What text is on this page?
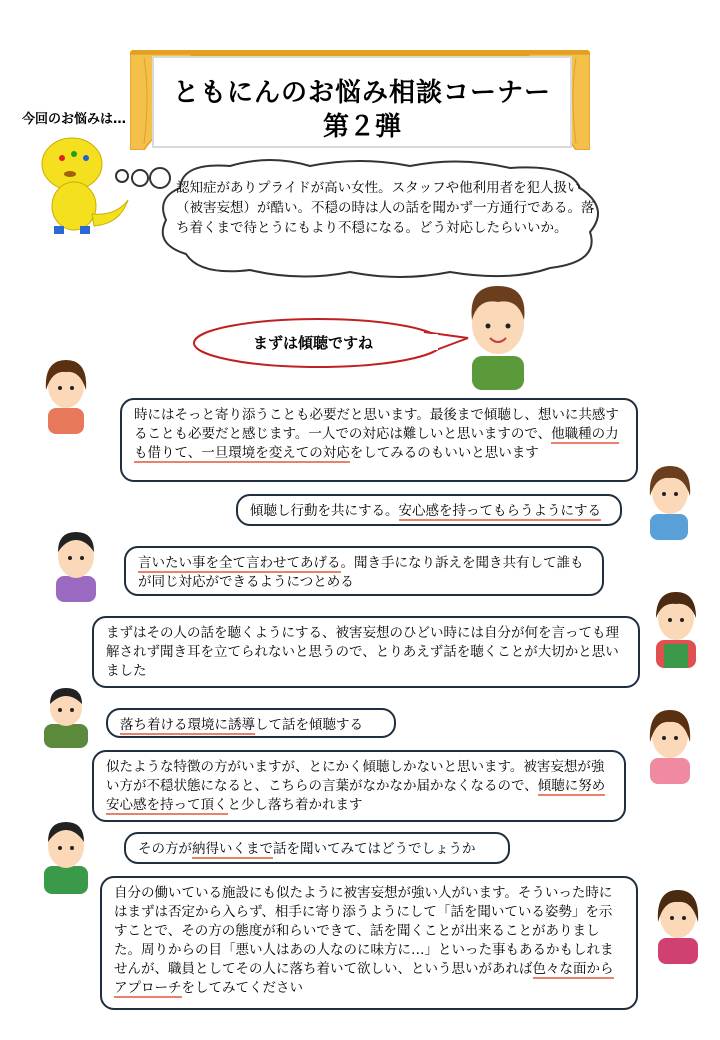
ともにんのお悩み相談コーナー
第２弾
今回のお悩みは…
認知症がありプライドが高い女性。スタッフや他利用者を犯人扱い（被害妄想）が酷い。不穏の時は人の話を聞かず一方通行である。落ち着くまで待とうにもより不穏になる。どう対応したらいいか。
まずは傾聴ですね
時にはそっと寄り添うことも必要だと思います。最後まで傾聴し、想いに共感することも必要だと感じます。一人での対応は難しいと思いますので、他職種の力も借りて、一旦環境を変えての対応をしてみるのもいいと思います
傾聴し行動を共にする。安心感を持ってもらうようにする
言いたい事を全て言わせてあげる。聞き手になり訴えを聞き共有して誰もが同じ対応ができるようにつとめる
まずはその人の話を聴くようにする、被害妄想のひどい時には自分が何を言っても理解されず聞き耳を立てられないと思うので、とりあえず話を聴くことが大切かと思いました
落ち着ける環境に誘導して話を傾聴する
似たような特徴の方がいますが、とにかく傾聴しかないと思います。被害妄想が強い方が不穏状態になると、こちらの言葉がなかなか届かなくなるので、傾聴に努め安心感を持って頂くと少し落ち着かれます
その方が納得いくまで話を聞いてみてはどうでしょうか
自分の働いている施設にも似たように被害妄想が強い人がいます。そういった時にはまずは否定から入らず、相手に寄り添うようにして「話を聞いている姿勢」を示すことで、その方の態度が和らいできて、話を聞くことが出来ることがありました。周りからの目「悪い人はあの人なのに味方に…」といった事もあるかもしれませんが、職員としてその人に落ち着いて欲しい、という思いがあれば色々な面からアプローチをしてみてください
